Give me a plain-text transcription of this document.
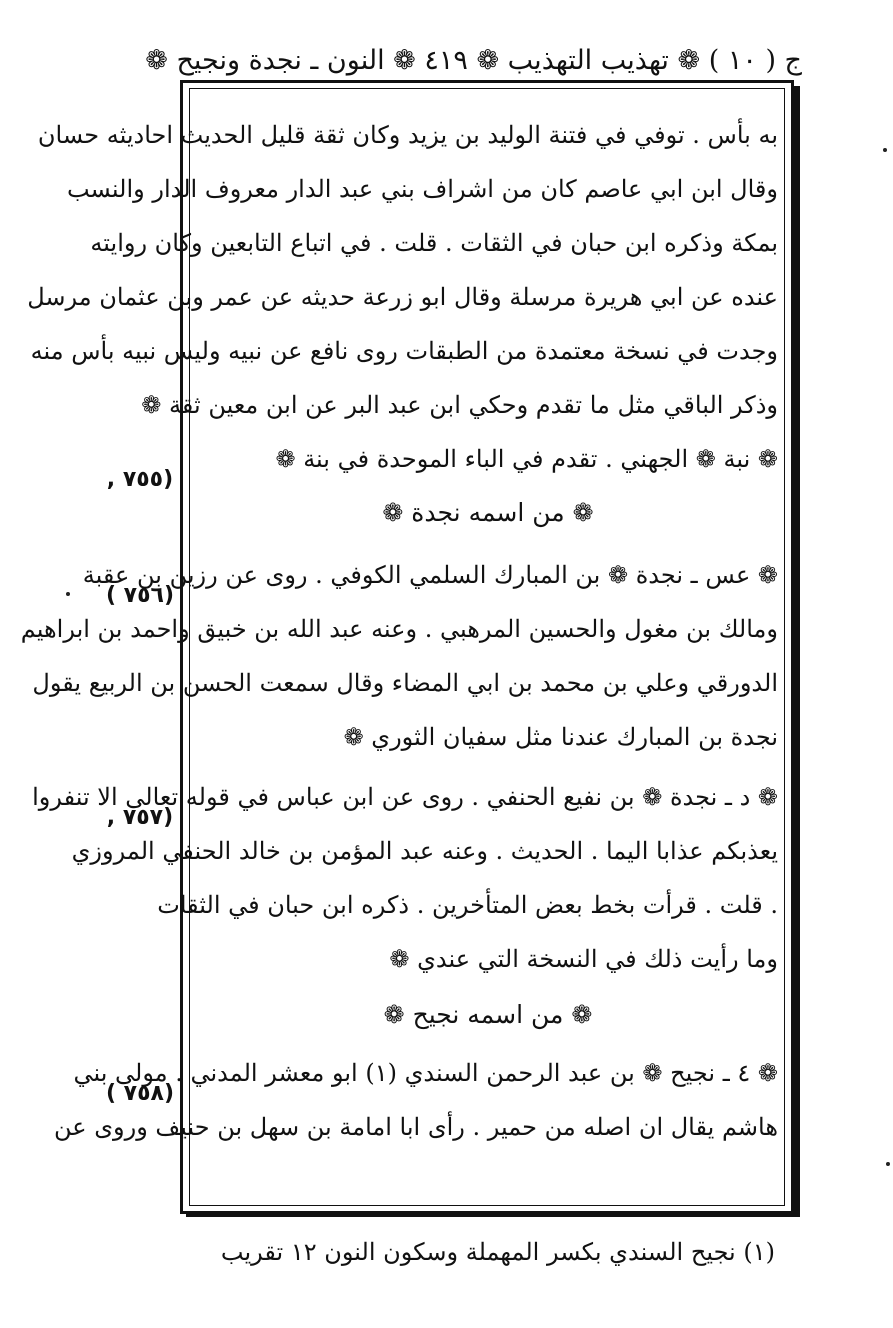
ج ( ١٠ ) ❁ تهذيب التهذيب ❁ ٤١٩ ❁ النون ـ نجدة ونجيح ❁
به بأس . توفي في فتنة الوليد بن يزيد وكان ثقة قليل الحديث احاديثه حسان
وقال ابن ابي عاصم كان من اشراف بني عبد الدار معروف الدار والنسب
بمكة وذكره ابن حبان في الثقات . قلت . في اتباع التابعين وكان روايته
عنده عن ابي هريرة مرسلة وقال ابو زرعة حديثه عن عمر وبن عثمان مرسل
وجدت في نسخة معتمدة من الطبقات روى نافع عن نبيه وليس نبيه بأس منه
وذكر الباقي مثل ما تقدم وحكي ابن عبد البر عن ابن معين ثقة ❁
❁ نبة ❁ الجهني . تقدم في الباء الموحدة في بنة ❁
❁ من اسمه نجدة ❁
❁ عس ـ نجدة ❁ بن المبارك السلمي الكوفي . روى عن رزين بن عقبة
ومالك بن مغول والحسين المرهبي . وعنه عبد الله بن خبيق واحمد بن ابراهيم
الدورقي وعلي بن محمد بن ابي المضاء وقال سمعت الحسن بن الربيع يقول
نجدة بن المبارك عندنا مثل سفيان الثوري ❁
❁ د ـ نجدة ❁ بن نفيع الحنفي . روى عن ابن عباس في قوله تعالى الا تنفروا
يعذبكم عذابا اليما . الحديث . وعنه عبد المؤمن بن خالد الحنفي المروزي
. قلت . قرأت بخط بعض المتأخرين . ذكره ابن حبان في الثقات
وما رأيت ذلك في النسخة التي عندي ❁
❁ من اسمه نجيح ❁
❁ ٤ ـ نجيح ❁ بن عبد الرحمن السندي (١) ابو معشر المدني . مولى بني
هاشم يقال ان اصله من حمير . رأى ابا امامة بن سهل بن حنيف وروى عن
(٧٥٥ ,
(٧٥٦ )
(٧٥٧ ,
(٧٥٨ )
(١) نجيح السندي بكسر المهملة وسكون النون ١٢ تقريب
